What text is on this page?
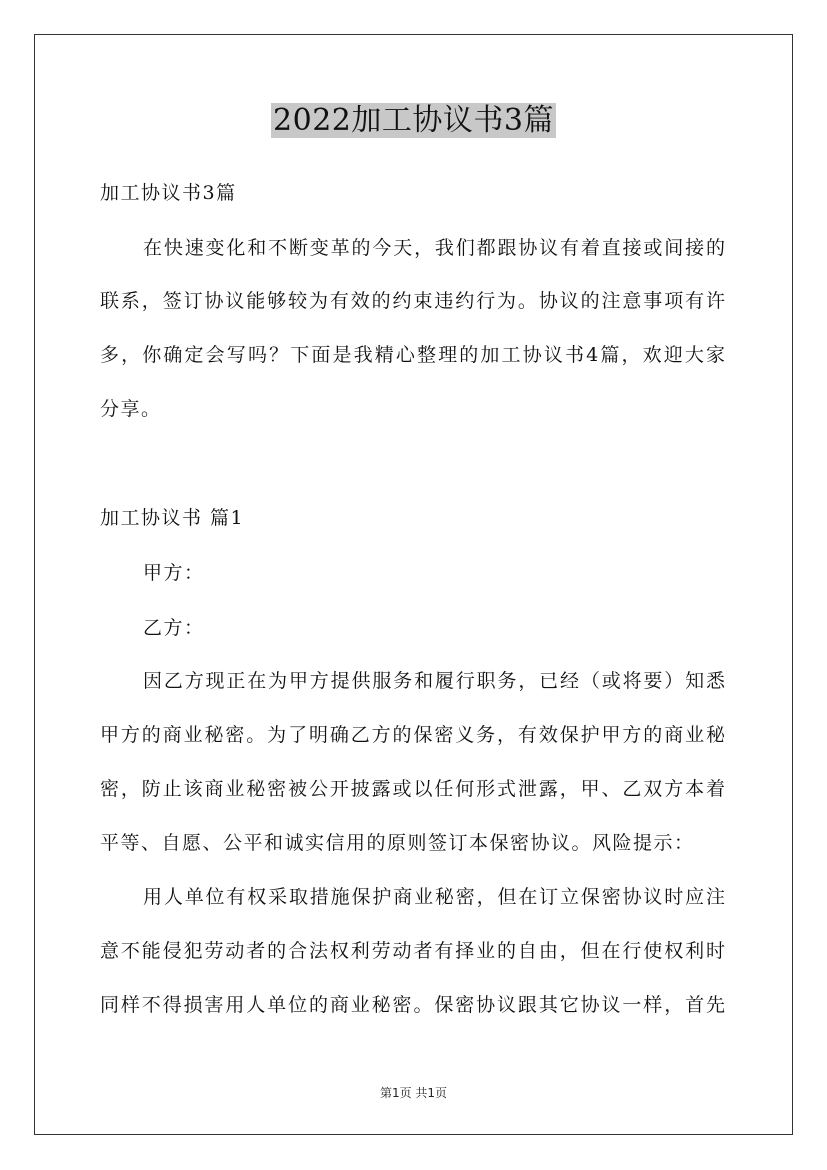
2022加工协议书3篇
加工协议书3篇
在快速变化和不断变革的今天，我们都跟协议有着直接或间接的
联系，签订协议能够较为有效的约束违约行为。协议的注意事项有许
多，你确定会写吗？下面是我精心整理的加工协议书4篇，欢迎大家
分享。
加工协议书 篇1
甲方：
乙方：
因乙方现正在为甲方提供服务和履行职务，已经（或将要）知悉
甲方的商业秘密。为了明确乙方的保密义务，有效保护甲方的商业秘
密，防止该商业秘密被公开披露或以任何形式泄露，甲、乙双方本着
平等、自愿、公平和诚实信用的原则签订本保密协议。风险提示：
用人单位有权采取措施保护商业秘密，但在订立保密协议时应注
意不能侵犯劳动者的合法权利劳动者有择业的自由，但在行使权利时
同样不得损害用人单位的商业秘密。保密协议跟其它协议一样，首先
第1页 共1页
